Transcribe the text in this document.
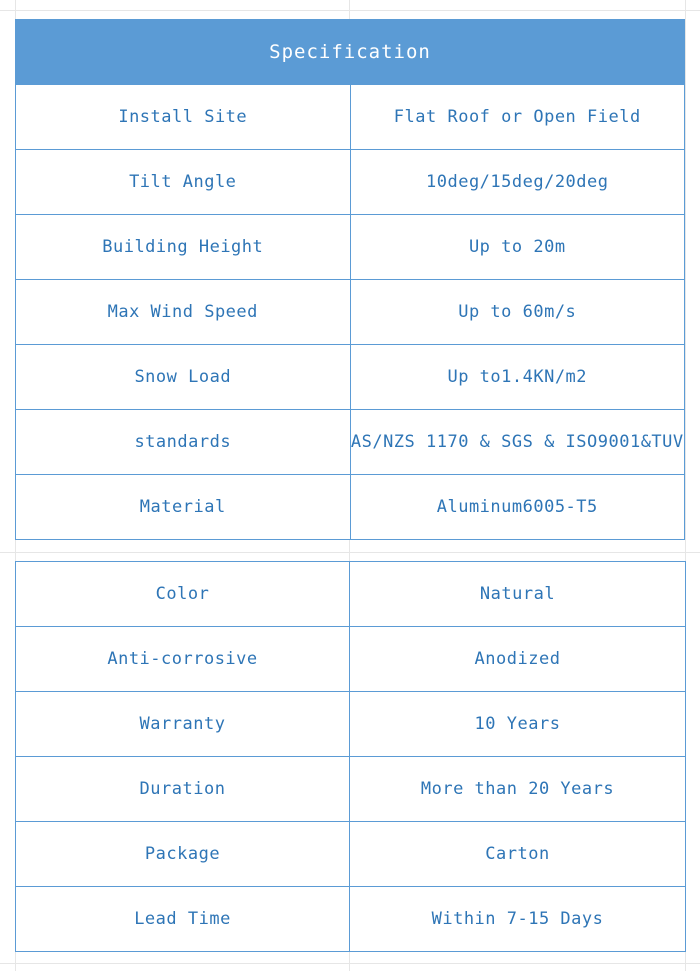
Specification	
Install Site	Flat Roof or Open Field
Tilt Angle	10deg/15deg/20deg
Building Height	Up to 20m
Max Wind Speed	Up to 60m/s
Snow Load	Up to1.4KN/m2
standards	AS/NZS 1170 & SGS & ISO9001&TUV
Material	Aluminum6005-T5
Color	Natural
Anti-corrosive	Anodized
Warranty	10 Years
Duration	More than 20 Years
Package	Carton
Lead Time	Within 7-15 Days
